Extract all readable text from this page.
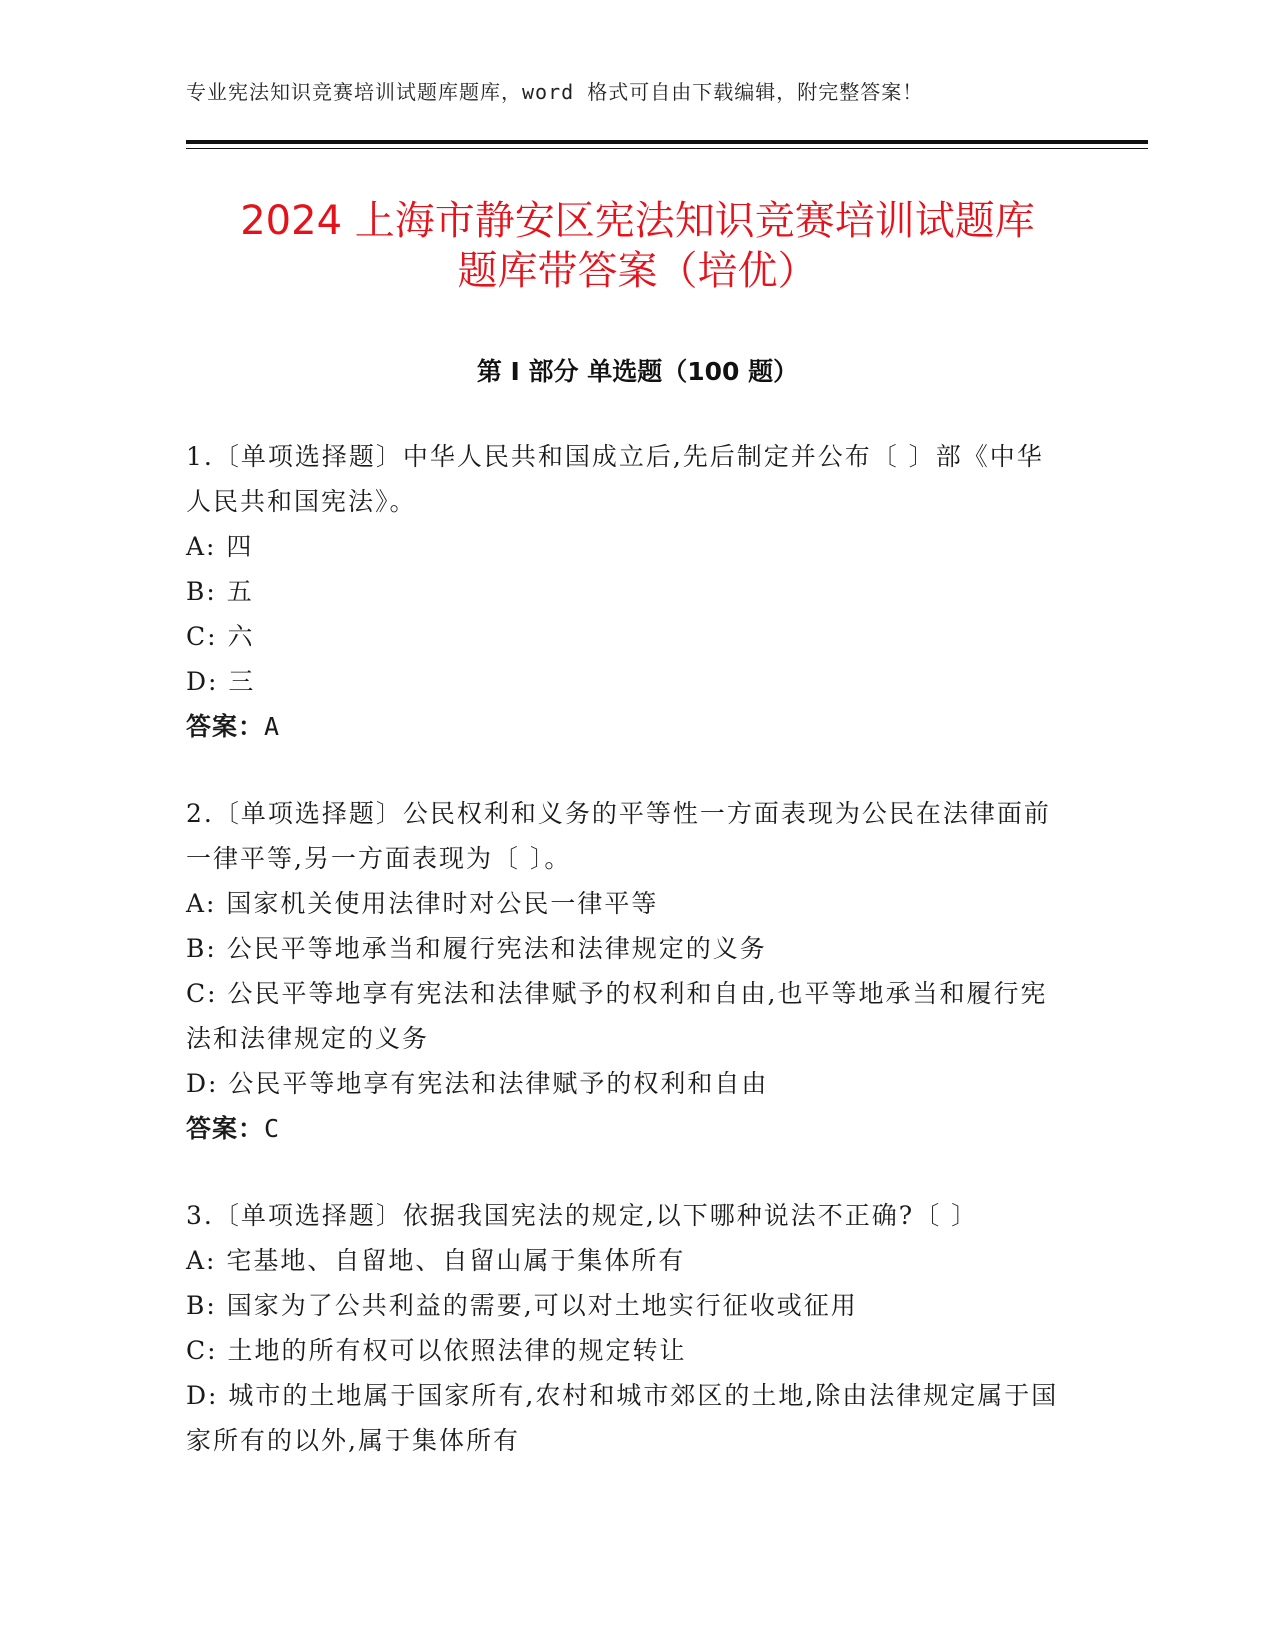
专业宪法知识竞赛培训试题库题库，word 格式可自由下载编辑，附完整答案！
2024 上海市静安区宪法知识竞赛培训试题库
题库带答案（培优）
第 I 部分 单选题（100 题）

1.〔单项选择题〕中华人民共和国成立后,先后制定并公布〔 〕部《中华人民共和国宪法》。

A: 四

B: 五

C: 六

D: 三

答案：A

2.〔单项选择题〕公民权利和义务的平等性一方面表现为公民在法律面前一律平等,另一方面表现为〔 〕。

A: 国家机关使用法律时对公民一律平等

B: 公民平等地承当和履行宪法和法律规定的义务

C: 公民平等地享有宪法和法律赋予的权利和自由,也平等地承当和履行宪法和法律规定的义务

D: 公民平等地享有宪法和法律赋予的权利和自由

答案：C

3.〔单项选择题〕依据我国宪法的规定,以下哪种说法不正确?〔 〕

A: 宅基地、自留地、自留山属于集体所有

B: 国家为了公共利益的需要,可以对土地实行征收或征用

C: 土地的所有权可以依照法律的规定转让

D: 城市的土地属于国家所有,农村和城市郊区的土地,除由法律规定属于国家所有的以外,属于集体所有
